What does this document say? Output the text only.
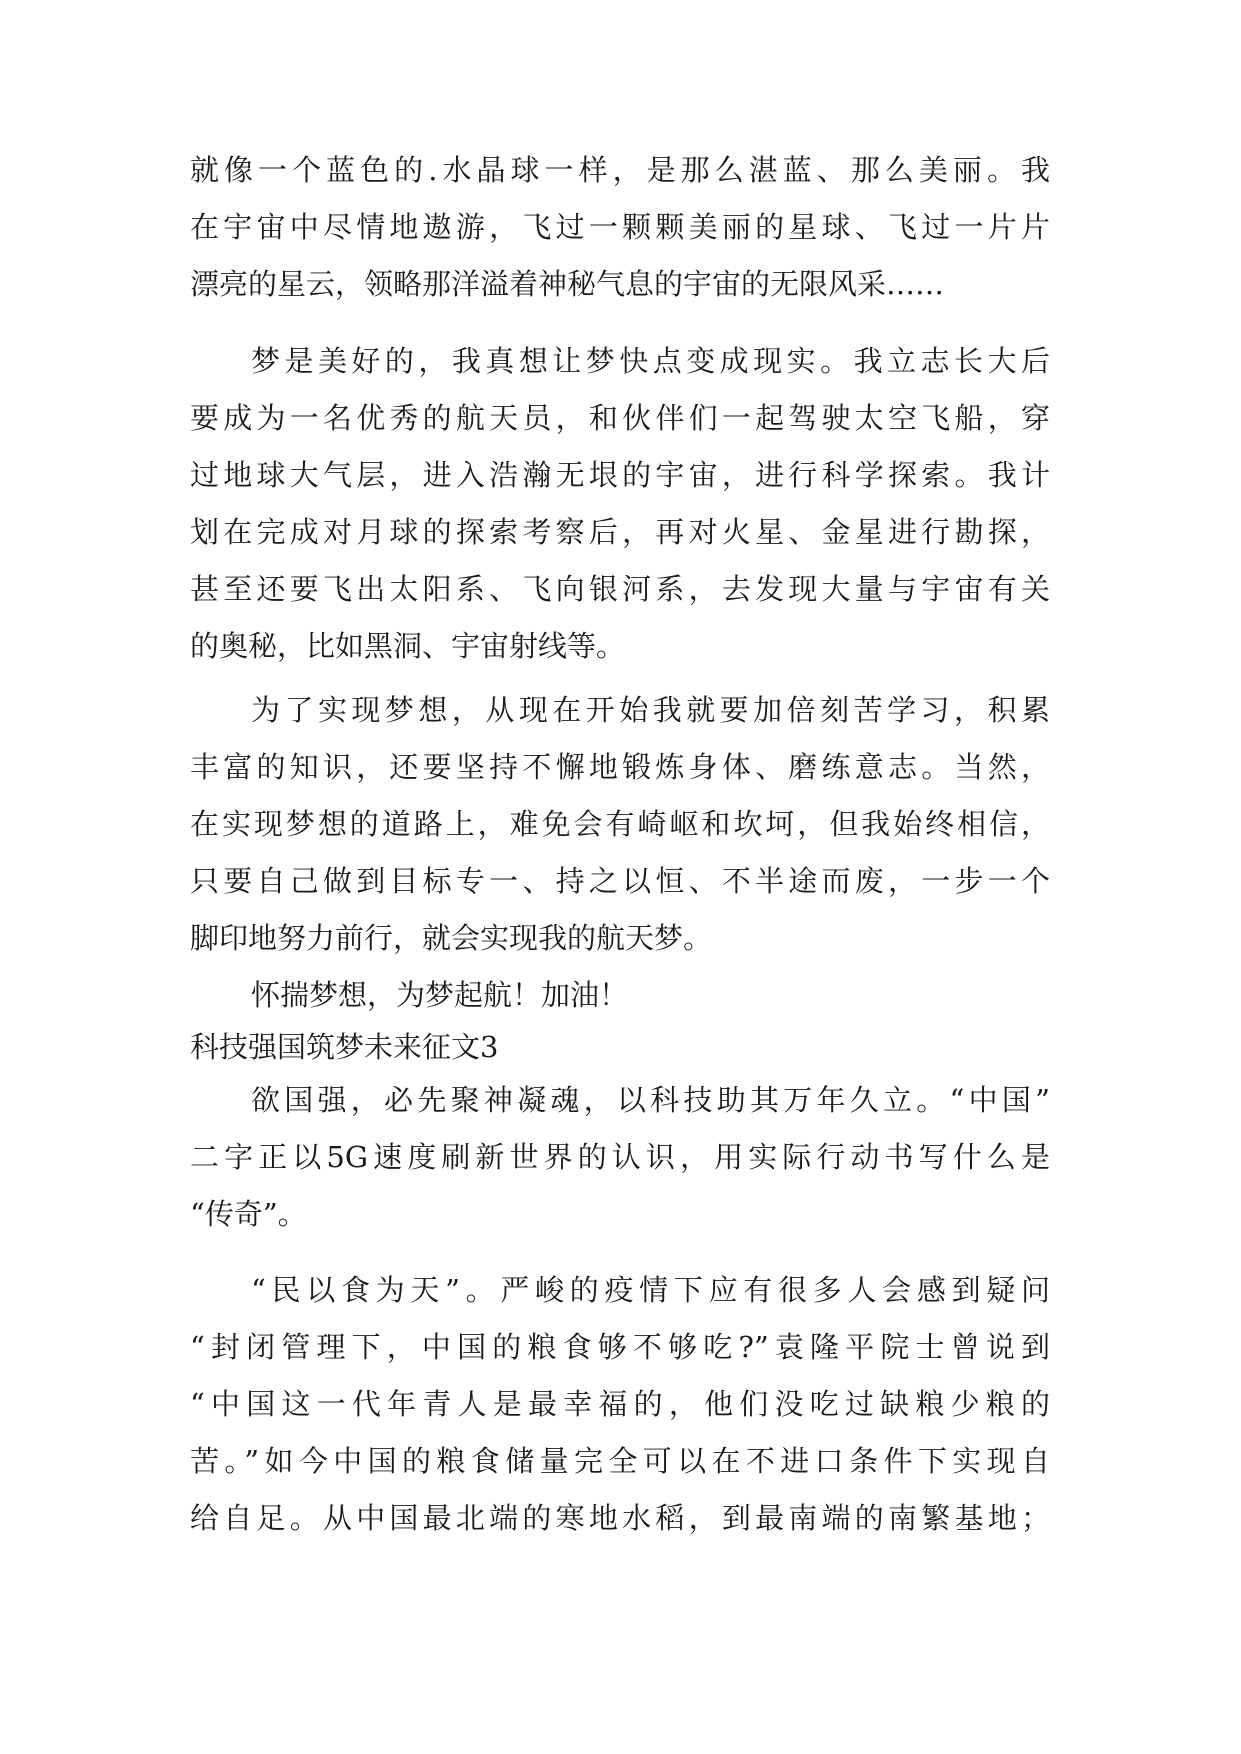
就像一个蓝色的.水晶球一样，是那么湛蓝、那么美丽。我
在宇宙中尽情地遨游，飞过一颗颗美丽的星球、飞过一片片
漂亮的星云，领略那洋溢着神秘气息的宇宙的无限风采……
梦是美好的，我真想让梦快点变成现实。我立志长大后
要成为一名优秀的航天员，和伙伴们一起驾驶太空飞船，穿
过地球大气层，进入浩瀚无垠的宇宙，进行科学探索。我计
划在完成对月球的探索考察后，再对火星、金星进行勘探，
甚至还要飞出太阳系、飞向银河系，去发现大量与宇宙有关
的奥秘，比如黑洞、宇宙射线等。
为了实现梦想，从现在开始我就要加倍刻苦学习，积累
丰富的知识，还要坚持不懈地锻炼身体、磨练意志。当然，
在实现梦想的道路上，难免会有崎岖和坎坷，但我始终相信，
只要自己做到目标专一、持之以恒、不半途而废，一步一个
脚印地努力前行，就会实现我的航天梦。
怀揣梦想，为梦起航！加油！
科技强国筑梦未来征文3
欲国强，必先聚神凝魂，以科技助其万年久立。“中国”
二字正以5G速度刷新世界的认识，用实际行动书写什么是
“传奇”。
“民以食为天”。严峻的疫情下应有很多人会感到疑问
“封闭管理下，中国的粮食够不够吃?”袁隆平院士曾说到
“中国这一代年青人是最幸福的，他们没吃过缺粮少粮的
苦。”如今中国的粮食储量完全可以在不进口条件下实现自
给自足。从中国最北端的寒地水稻，到最南端的南繁基地；
